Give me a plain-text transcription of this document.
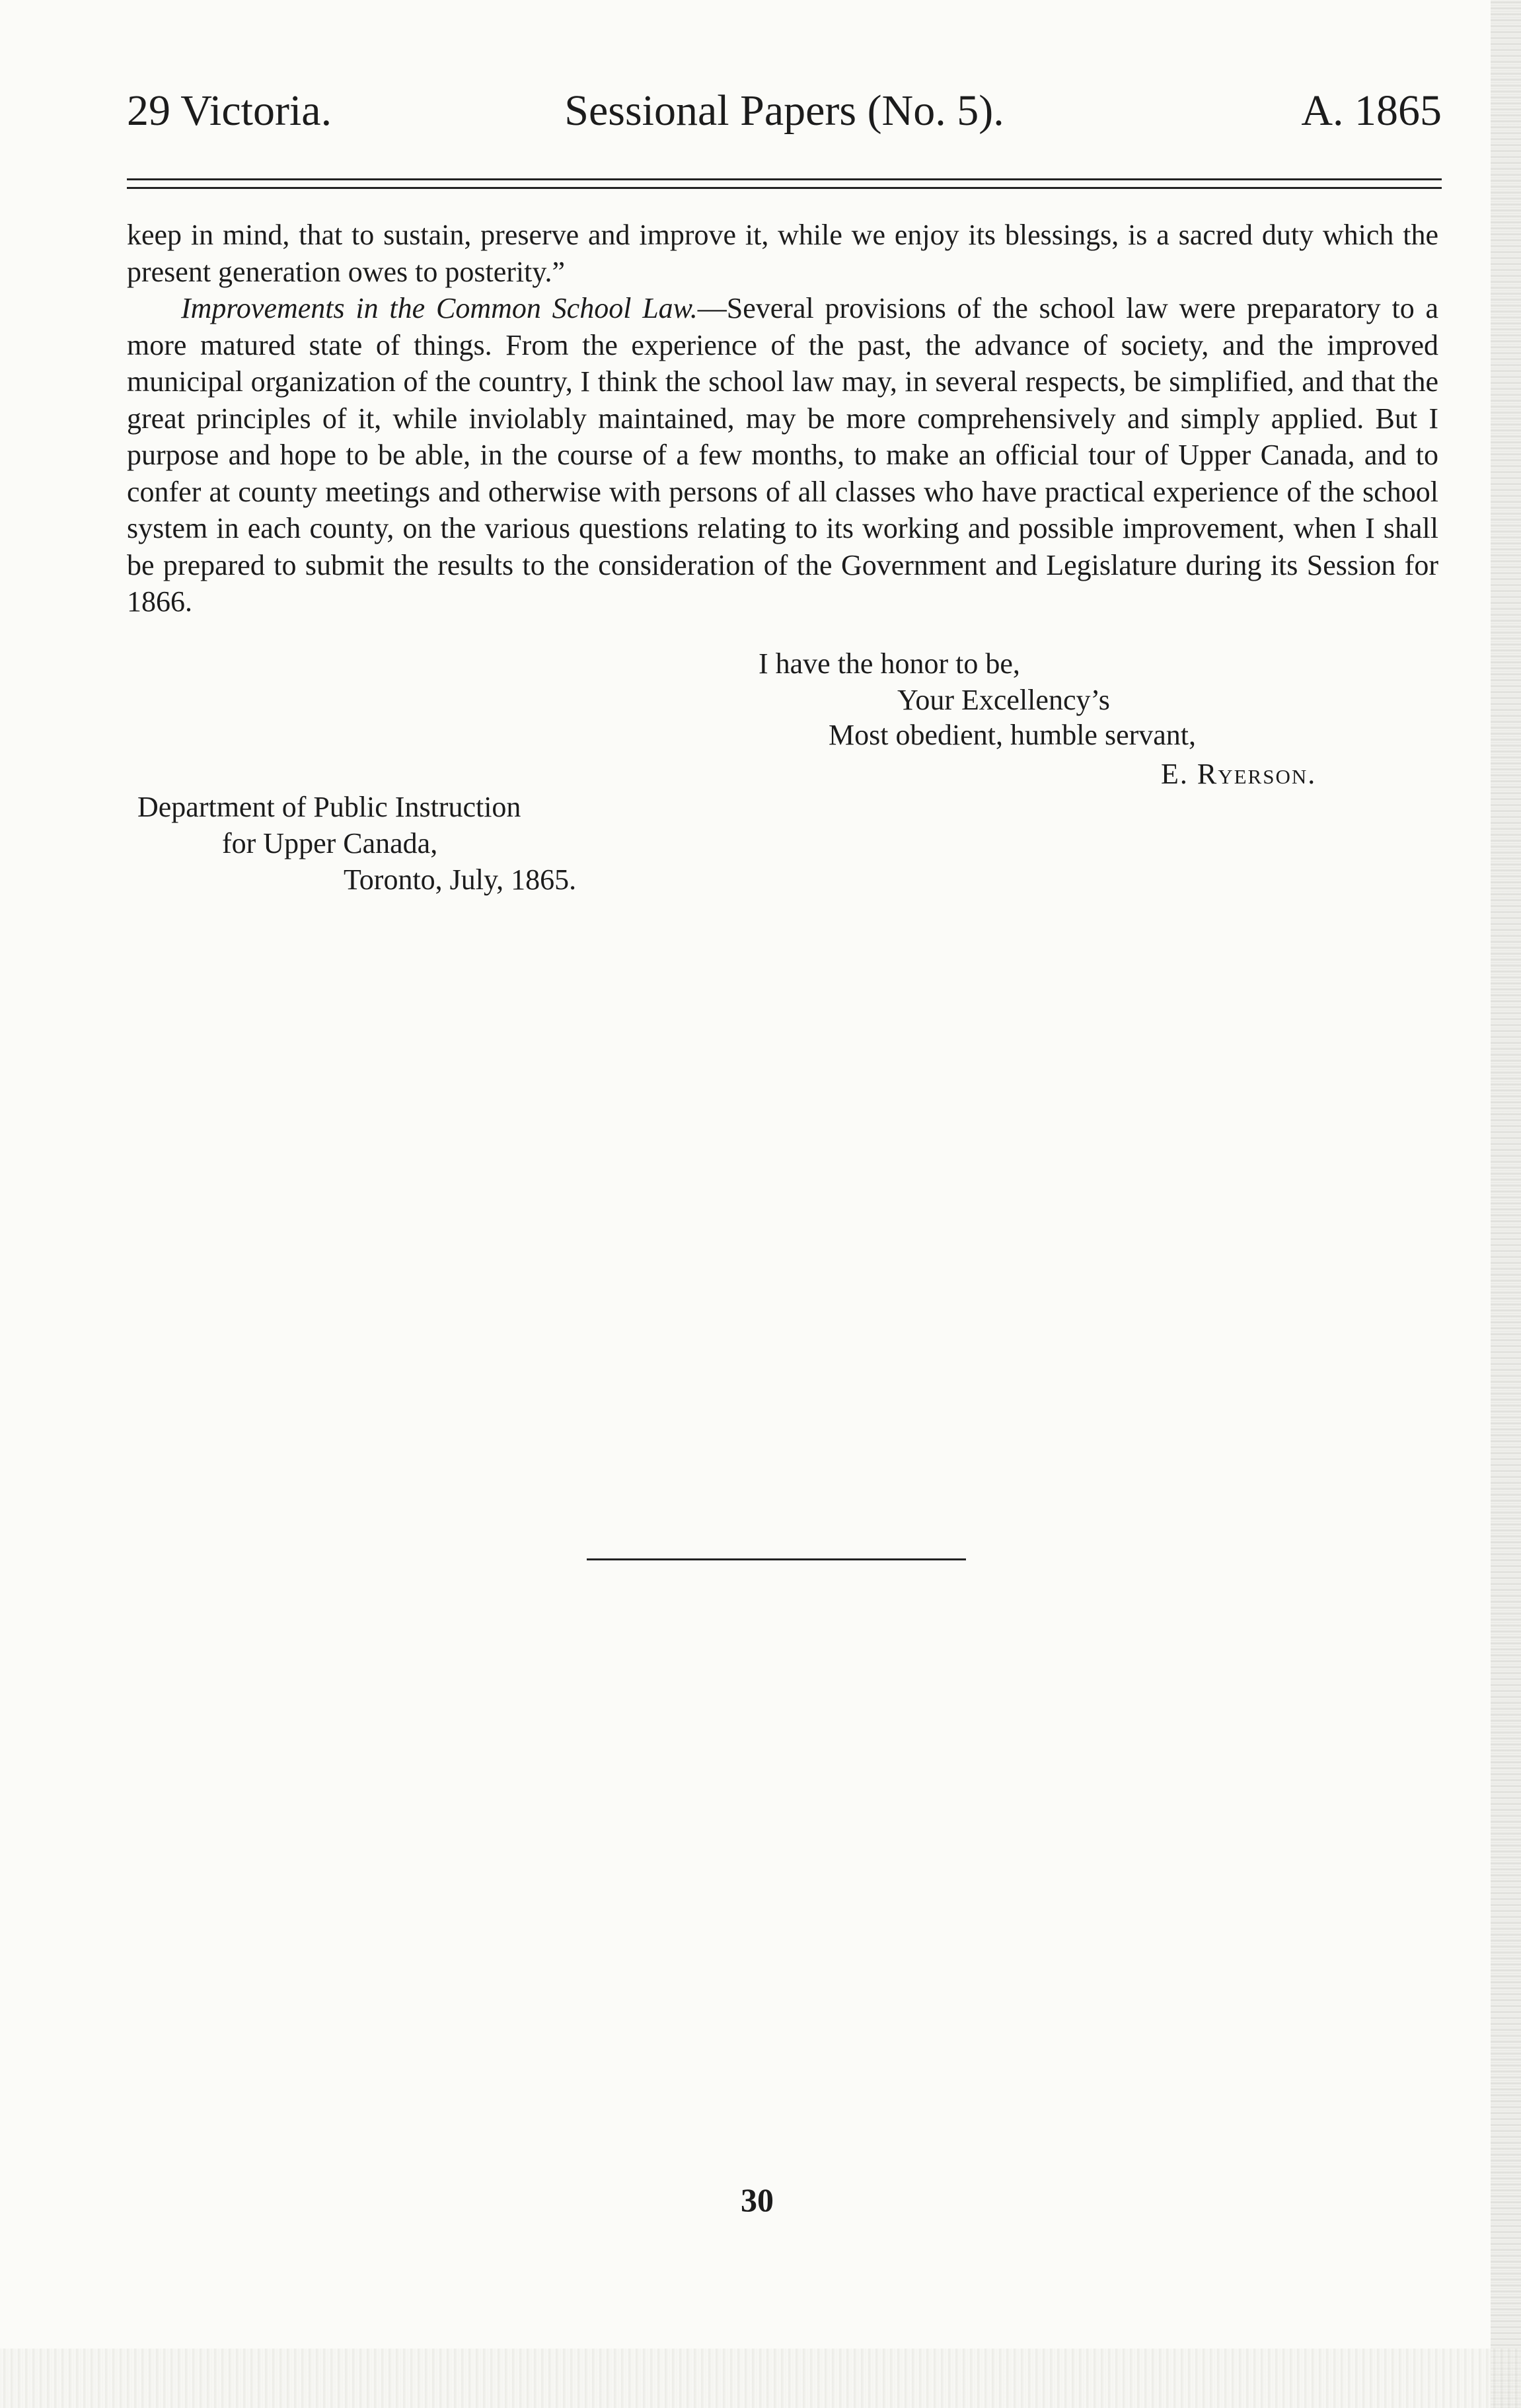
29 Victoria.	Sessional Papers (No. 5).	A. 1865

keep in mind, that to sustain, preserve and improve it, while we enjoy its blessings, is a sacred duty which the present generation owes to posterity.”

Improvements in the Common School Law.—Several provisions of the school law were preparatory to a more matured state of things. From the experience of the past, the advance of society, and the improved municipal organization of the country, I think the school law may, in several respects, be simplified, and that the great principles of it, while inviolably maintained, may be more comprehensively and simply applied. But I purpose and hope to be able, in the course of a few months, to make an official tour of Upper Canada, and to confer at county meetings and otherwise with persons of all classes who have practical experience of the school system in each county, on the various questions relating to its working and possible improvement, when I shall be prepared to submit the results to the consideration of the Government and Legislature during its Session for 1866.

I have the honor to be,
Your Excellency’s
Most obedient, humble servant,
E. Ryerson.
Department of Public Instruction
for Upper Canada,
Toronto, July, 1865.
30
